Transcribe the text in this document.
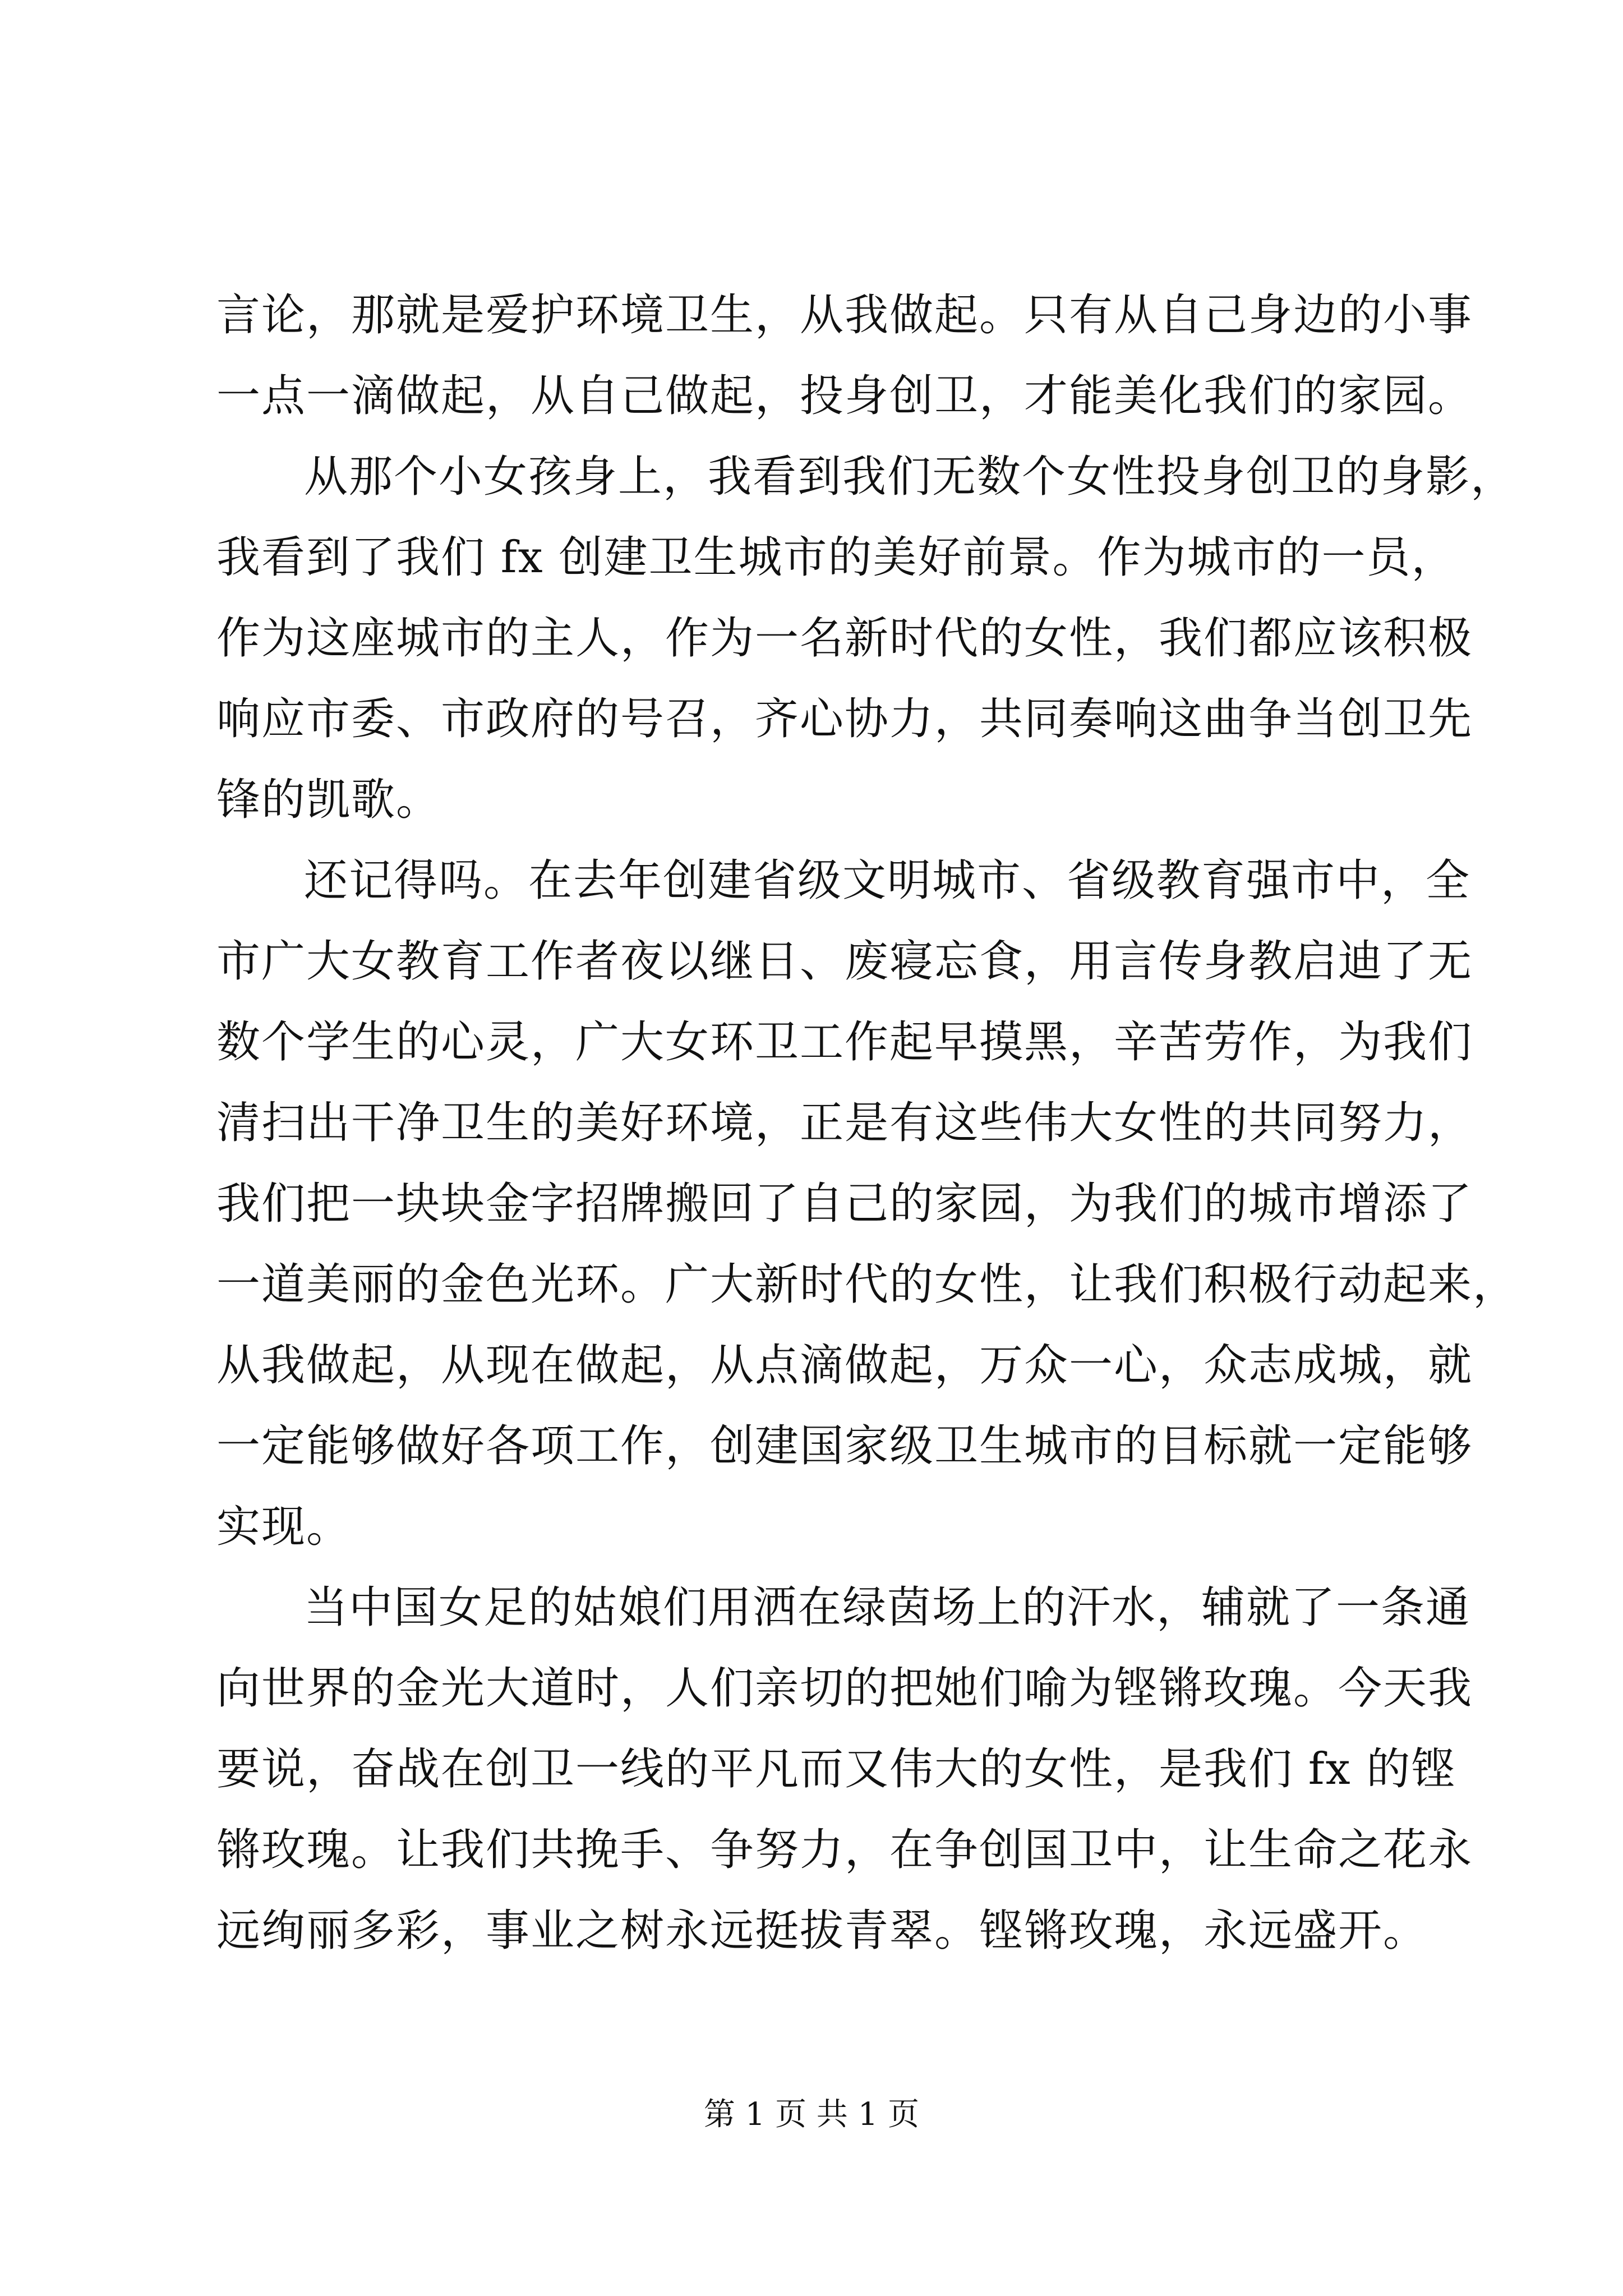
言论，那就是爱护环境卫生，从我做起。只有从自己身边的小事
一点一滴做起，从自己做起，投身创卫，才能美化我们的家园。
从那个小女孩身上，我看到我们无数个女性投身创卫的身影，
我看到了我们 fx 创建卫生城市的美好前景。作为城市的一员，
作为这座城市的主人，作为一名新时代的女性，我们都应该积极
响应市委、市政府的号召，齐心协力，共同奏响这曲争当创卫先
锋的凯歌。
还记得吗。在去年创建省级文明城市、省级教育强市中，全
市广大女教育工作者夜以继日、废寝忘食，用言传身教启迪了无
数个学生的心灵，广大女环卫工作起早摸黑，辛苦劳作，为我们
清扫出干净卫生的美好环境，正是有这些伟大女性的共同努力，
我们把一块块金字招牌搬回了自己的家园，为我们的城市增添了
一道美丽的金色光环。广大新时代的女性，让我们积极行动起来，
从我做起，从现在做起，从点滴做起，万众一心，众志成城，就
一定能够做好各项工作，创建国家级卫生城市的目标就一定能够
实现。
当中国女足的姑娘们用洒在绿茵场上的汗水，辅就了一条通
向世界的金光大道时，人们亲切的把她们喻为铿锵玫瑰。今天我
要说，奋战在创卫一线的平凡而又伟大的女性，是我们 fx 的铿
锵玫瑰。让我们共挽手、争努力，在争创国卫中，让生命之花永
远绚丽多彩，事业之树永远挺拔青翠。铿锵玫瑰，永远盛开。
第 1 页 共 1 页
